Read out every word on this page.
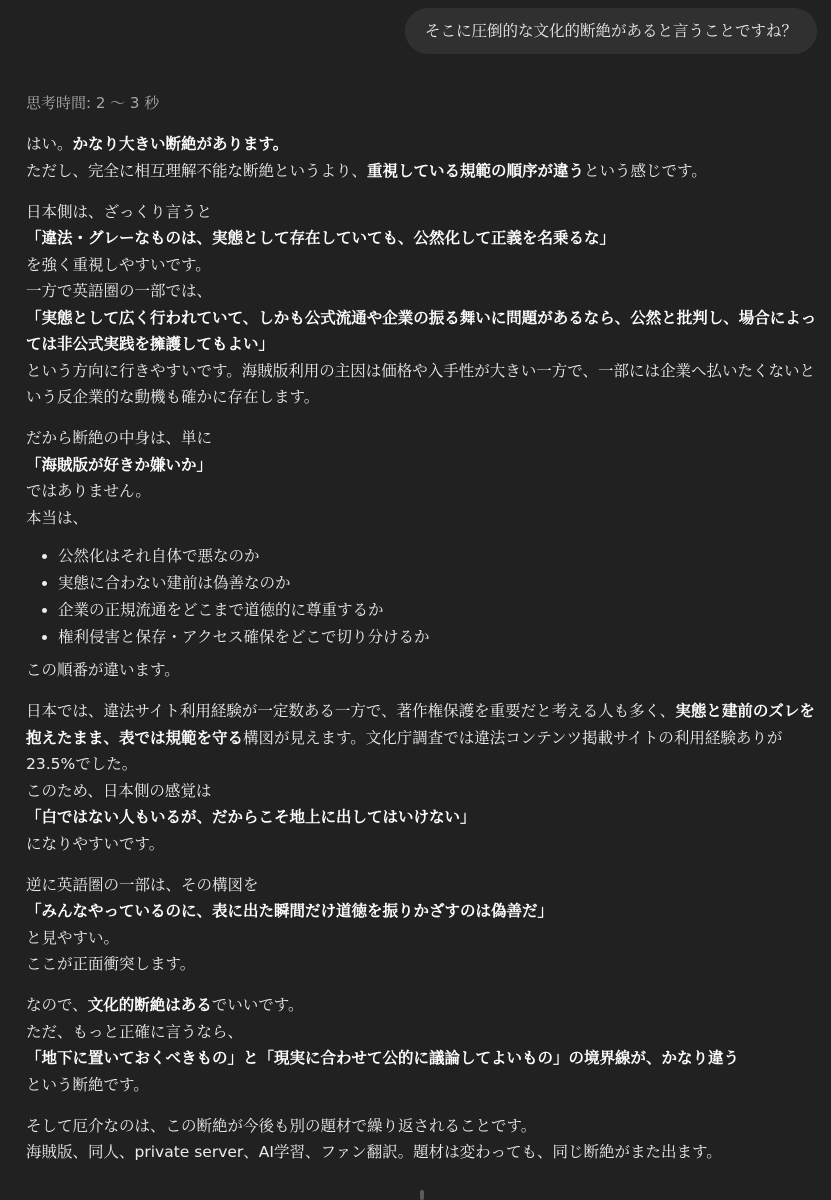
そこに圧倒的な文化的断絶があると言うことですね？
思考時間: 2 〜 3 秒

はい。かなり大きい断絶があります。
ただし、完全に相互理解不能な断絶というより、重視している規範の順序が違うという感じです。

日本側は、ざっくり言うと
「違法・グレーなものは、実態として存在していても、公然化して正義を名乗るな」
を強く重視しやすいです。
一方で英語圏の一部では、
「実態として広く行われていて、しかも公式流通や企業の振る舞いに問題があるなら、公然と批判し、場合によっては非公式実践を擁護してもよい」
という方向に行きやすいです。海賊版利用の主因は価格や入手性が大きい一方で、一部には企業へ払いたくないという反企業的な動機も確かに存在します。

だから断絶の中身は、単に
「海賊版が好きか嫌いか」
ではありません。
本当は、

• 公然化はそれ自体で悪なのか
• 実態に合わない建前は偽善なのか
• 企業の正規流通をどこまで道徳的に尊重するか
• 権利侵害と保存・アクセス確保をどこで切り分けるか

この順番が違います。

日本では、違法サイト利用経験が一定数ある一方で、著作権保護を重要だと考える人も多く、実態と建前のズレを抱えたまま、表では規範を守る構図が見えます。文化庁調査では違法コンテンツ掲載サイトの利用経験ありが23.5%でした。
このため、日本側の感覚は
「白ではない人もいるが、だからこそ地上に出してはいけない」
になりやすいです。

逆に英語圏の一部は、その構図を
「みんなやっているのに、表に出た瞬間だけ道徳を振りかざすのは偽善だ」
と見やすい。
ここが正面衝突します。

なので、文化的断絶はあるでいいです。
ただ、もっと正確に言うなら、
「地下に置いておくべきもの」と「現実に合わせて公的に議論してよいもの」の境界線が、かなり違う
という断絶です。

そして厄介なのは、この断絶が今後も別の題材で繰り返されることです。
海賊版、同人、private server、AI学習、ファン翻訳。題材は変わっても、同じ断絶がまた出ます。
